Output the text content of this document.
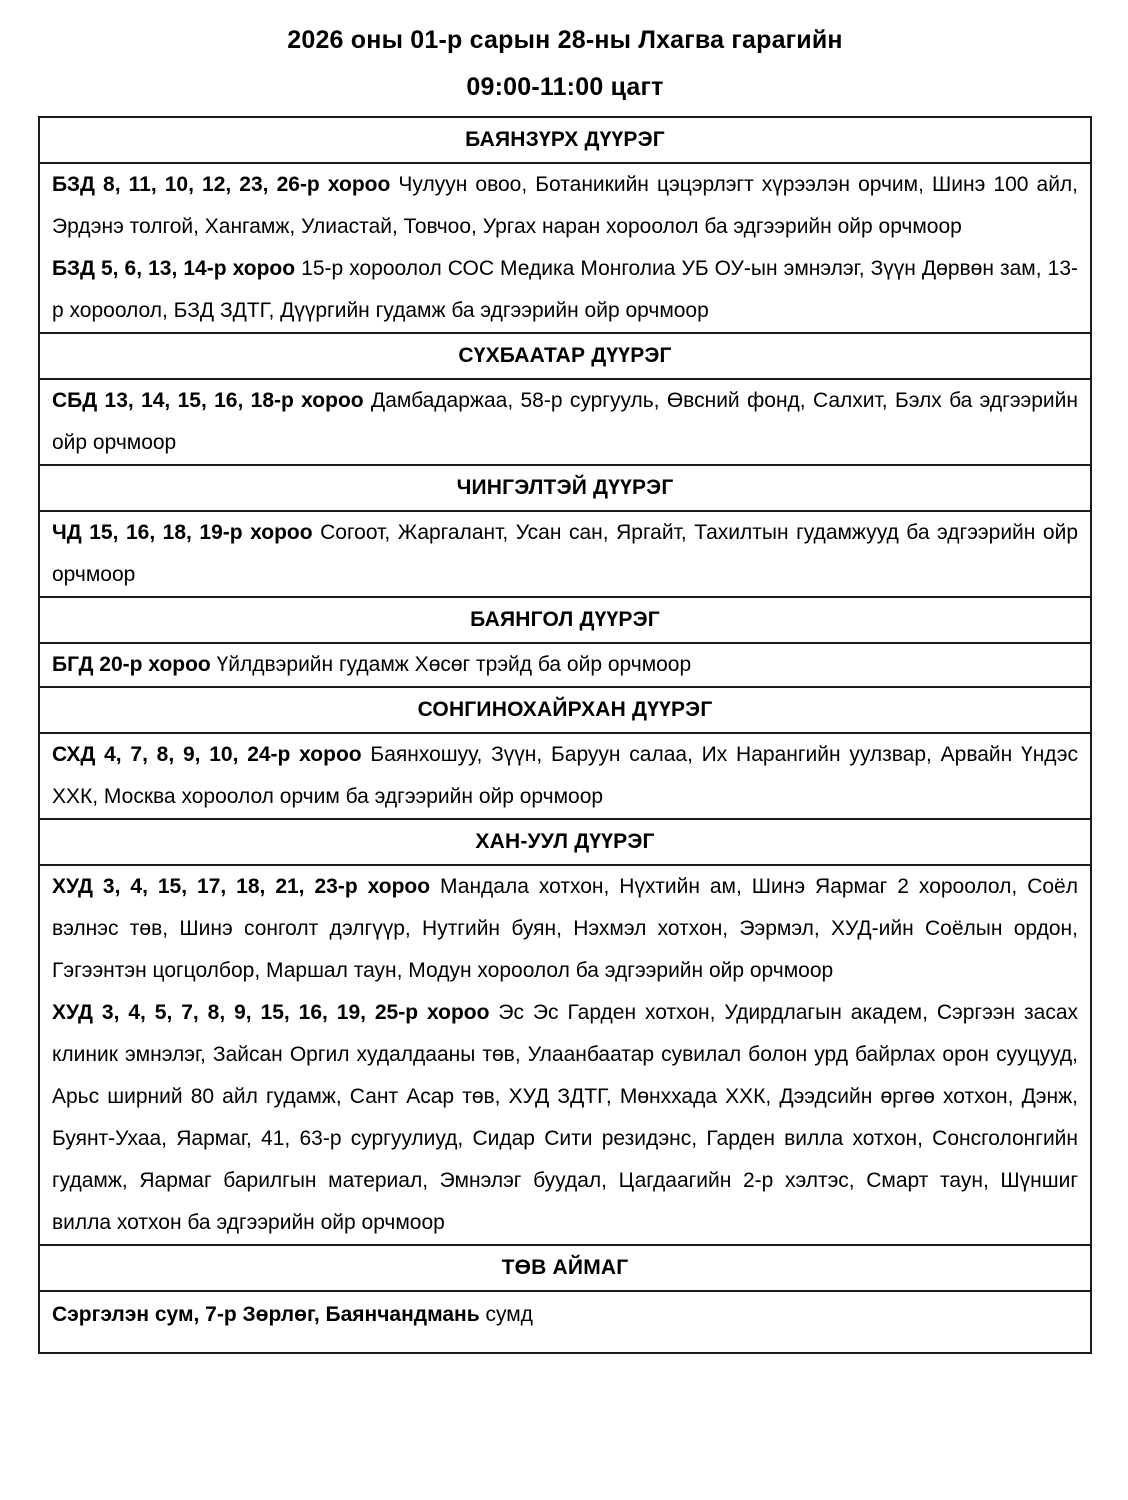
2026 оны 01-р сарын 28-ны Лхагва гарагийн
09:00-11:00 цагт
БАЯНЗҮРХ ДҮҮРЭГ

БЗД 8, 11, 10, 12, 23, 26-р хороо Чулуун овоо, Ботаникийн цэцэрлэгт хүрээлэн орчим, Шинэ 100 айл, Эрдэнэ толгой, Хангамж, Улиастай, Товчоо, Ургах наран хороолол ба эдгээрийн ойр орчмоор

БЗД 5, 6, 13, 14-р хороо 15-р хороолол СОС Медика Монголиа УБ ОУ-ын эмнэлэг, Зүүн Дөрвөн зам, 13-р хороолол, БЗД ЗДТГ, Дүүргийн гудамж ба эдгээрийн ойр орчмоор

СҮХБААТАР ДҮҮРЭГ

СБД 13, 14, 15, 16, 18-р хороо Дамбадаржаа, 58-р сургууль, Өвсний фонд, Салхит, Бэлх ба эдгээрийн ойр орчмоор

ЧИНГЭЛТЭЙ ДҮҮРЭГ

ЧД 15, 16, 18, 19-р хороо Согоот, Жаргалант, Усан сан, Яргайт, Тахилтын гудамжууд ба эдгээрийн ойр орчмоор

БАЯНГОЛ ДҮҮРЭГ

БГД 20-р хороо Үйлдвэрийн гудамж Хөсөг трэйд ба ойр орчмоор

СОНГИНОХАЙРХАН ДҮҮРЭГ

СХД 4, 7, 8, 9, 10, 24-р хороо Баянхошуу, Зүүн, Баруун салаа, Их Нарангийн уулзвар, Арвайн Үндэс ХХК, Москва хороолол орчим ба эдгээрийн ойр орчмоор

ХАН-УУЛ ДҮҮРЭГ

ХУД 3, 4, 15, 17, 18, 21, 23-р хороо Мандала хотхон, Нүхтийн ам, Шинэ Яармаг 2 хороолол, Соёл вэлнэс төв, Шинэ сонголт дэлгүүр, Нутгийн буян, Нэхмэл хотхон, Ээрмэл, ХУД-ийн Соёлын ордон, Гэгээнтэн цогцолбор, Маршал таун, Модун хороолол ба эдгээрийн ойр орчмоор

ХУД 3, 4, 5, 7, 8, 9, 15, 16, 19, 25-р хороо Эс Эс Гарден хотхон, Удирдлагын академ, Сэргээн засах клиник эмнэлэг, Зайсан Оргил худалдааны төв, Улаанбаатар сувилал болон урд байрлах орон сууцууд, Арьс ширний 80 айл гудамж, Сант Асар төв, ХУД ЗДТГ, Мөнххада ХХК, Дээдсийн өргөө хотхон, Дэнж, Буянт-Ухаа, Яармаг, 41, 63-р сургуулиуд, Сидар Сити резидэнс, Гарден вилла хотхон, Сонсголонгийн гудамж, Яармаг барилгын материал, Эмнэлэг буудал, Цагдаагийн 2-р хэлтэс, Смарт таун, Шүншиг вилла хотхон ба эдгээрийн ойр орчмоор

ТӨВ АЙМАГ

Сэргэлэн сум, 7-р Зөрлөг, Баянчандмань сумд
